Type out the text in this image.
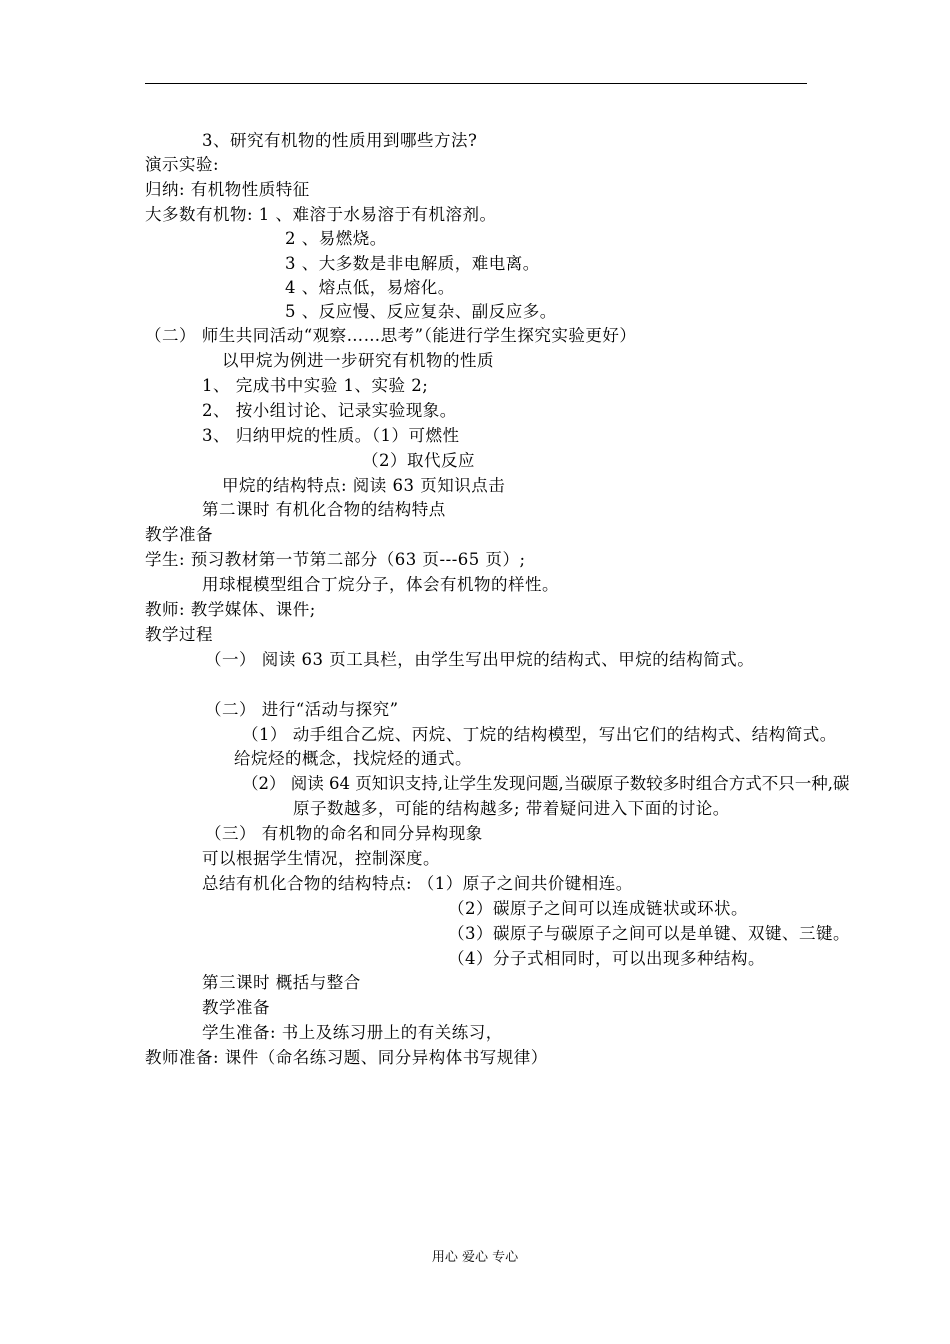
3、研究有机物的性质用到哪些方法?
演示实验:
归纳: 有机物性质特征
大多数有机物: 1 、难溶于水易溶于有机溶剂。
2 、易燃烧。
3 、大多数是非电解质，难电离。
4 、熔点低，易熔化。
5 、反应慢、反应复杂、副反应多。
（二） 师生共同活动“观察……思考”（能进行学生探究实验更好）
以甲烷为例进一步研究有机物的性质
1、 完成书中实验 1、实验 2;
2、 按小组讨论、记录实验现象。
3、 归纳甲烷的性质。（1）可燃性
（2）取代反应
甲烷的结构特点: 阅读 63 页知识点击
第二课时 有机化合物的结构特点
教学准备
学生: 预习教材第一节第二部分（63 页---65 页）;
用球棍模型组合丁烷分子，体会有机物的样性。
教师: 教学媒体、课件;
教学过程
（一） 阅读 63 页工具栏，由学生写出甲烷的结构式、甲烷的结构简式。
（二） 进行“活动与探究”
（1） 动手组合乙烷、丙烷、丁烷的结构模型，写出它们的结构式、结构简式。
给烷烃的概念，找烷烃的通式。
（2） 阅读 64 页知识支持,让学生发现问题,当碳原子数较多时组合方式不只一种,碳
原子数越多，可能的结构越多; 带着疑问进入下面的讨论。
（三） 有机物的命名和同分异构现象
可以根据学生情况，控制深度。
总结有机化合物的结构特点: （1）原子之间共价键相连。
（2）碳原子之间可以连成链状或环状。
（3）碳原子与碳原子之间可以是单键、双键、三键。
（4）分子式相同时，可以出现多种结构。
第三课时 概括与整合
教学准备
学生准备: 书上及练习册上的有关练习，
教师准备: 课件（命名练习题、同分异构体书写规律）
用心 爱心 专心
